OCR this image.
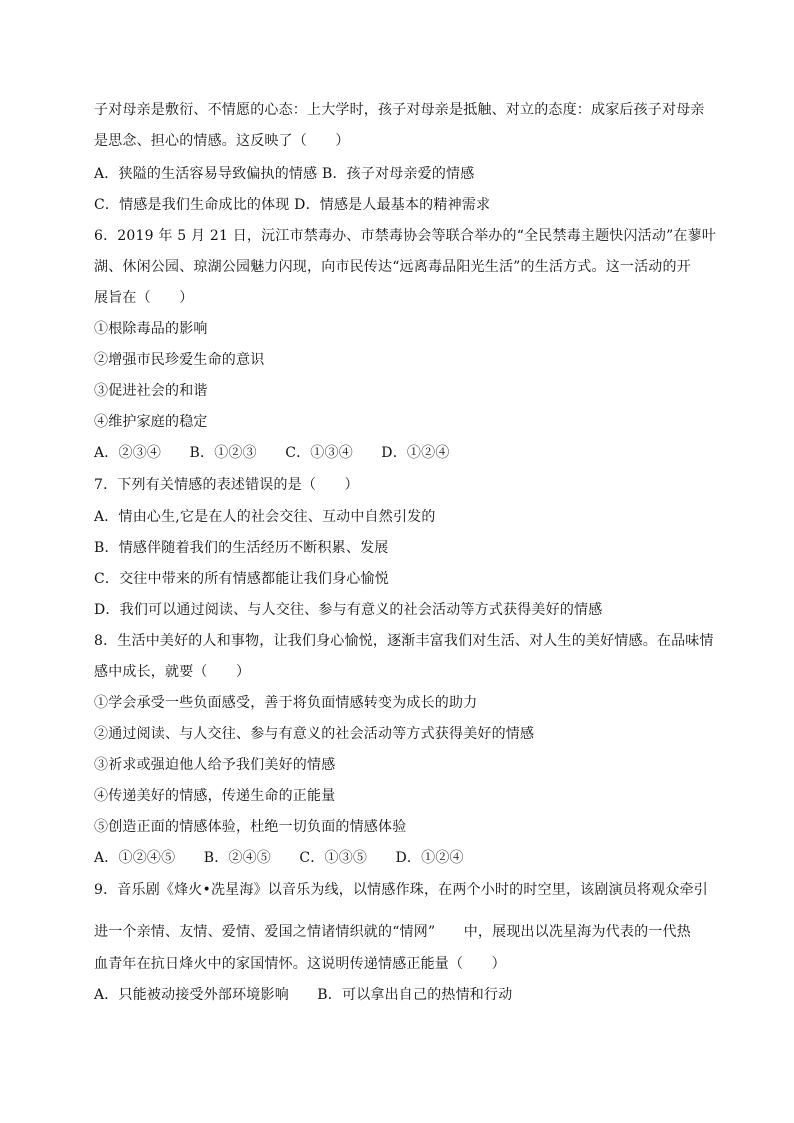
子对母亲是敷衍、不情愿的心态：上大学时，孩子对母亲是抵触、对立的态度：成家后孩子对母亲
是思念、担心的情感。这反映了（　　）
A．狭隘的生活容易导致偏执的情感 B．孩子对母亲爱的情感
C．情感是我们生命成比的体现 D．情感是人最基本的精神需求
6．2019 年 5 月 21 日，沅江市禁毒办、市禁毒协会等联合举办的“全民禁毒主题快闪活动”在蓼叶
湖、休闲公园、琼湖公园魅力闪现，向市民传达“远离毒品阳光生活”的生活方式。这一活动的开
展旨在（　　）
①根除毒品的影响
②增强市民珍爱生命的意识
③促进社会的和谐
④维护家庭的稳定
A．②③④　　B．①②③　　C．①③④　　D．①②④
7．下列有关情感的表述错误的是（　　）
A．情由心生,它是在人的社会交往、互动中自然引发的
B．情感伴随着我们的生活经历不断积累、发展
C．交往中带来的所有情感都能让我们身心愉悦
D．我们可以通过阅读、与人交往、参与有意义的社会活动等方式获得美好的情感
8．生活中美好的人和事物，让我们身心愉悦，逐渐丰富我们对生活、对人生的美好情感。在品味情
感中成长，就要（　　）
①学会承受一些负面感受，善于将负面情感转变为成长的助力
②通过阅读、与人交往、参与有意义的社会活动等方式获得美好的情感
③祈求或强迫他人给予我们美好的情感
④传递美好的情感，传递生命的正能量
⑤创造正面的情感体验，杜绝一切负面的情感体验
A．①②④⑤　　B．②④⑤　　C．①③⑤　　D．①②④
9．音乐剧《烽火•冼星海》以音乐为线，以情感作珠，在两个小时的时空里，该剧演员将观众牵引
进一个亲情、友情、爱情、爱国之情诸情织就的“情网”　　中，展现出以冼星海为代表的一代热
血青年在抗日烽火中的家国情怀。这说明传递情感正能量（　　）
A．只能被动接受外部环境影响　　B．可以拿出自己的热情和行动
